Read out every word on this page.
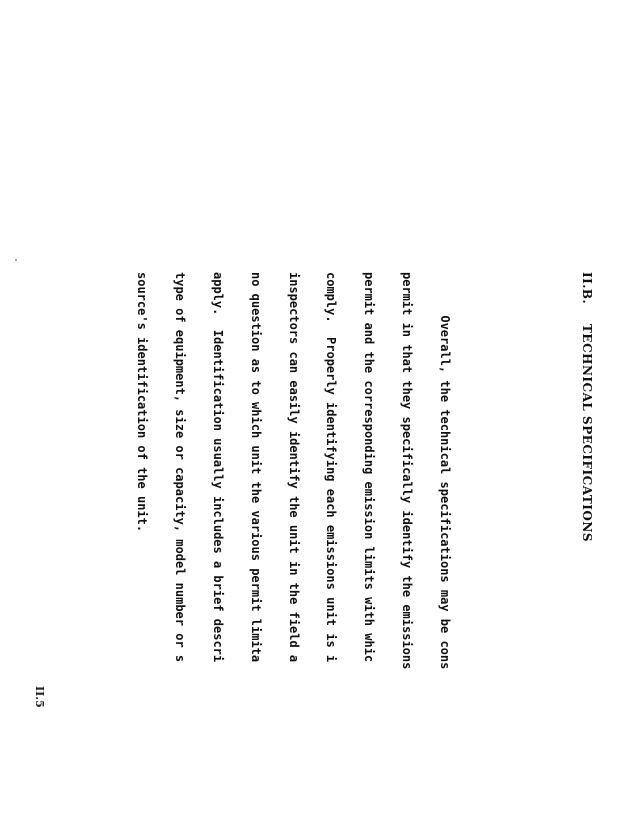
II.B.
TECHNICAL SPECIFICATIONS

Overall, the technical specifications may be cons

permit in that they specifically identify the emissions

permit and the corresponding emission limits with whic

comply.  Properly identifying each emissions unit is i

inspectors can easily identify the unit in the field a

no question as to which unit the various permit limita

apply.  Identification usually includes a brief descri

type of equipment, size or capacity, model number or s

source's identification of the unit.

II.5
